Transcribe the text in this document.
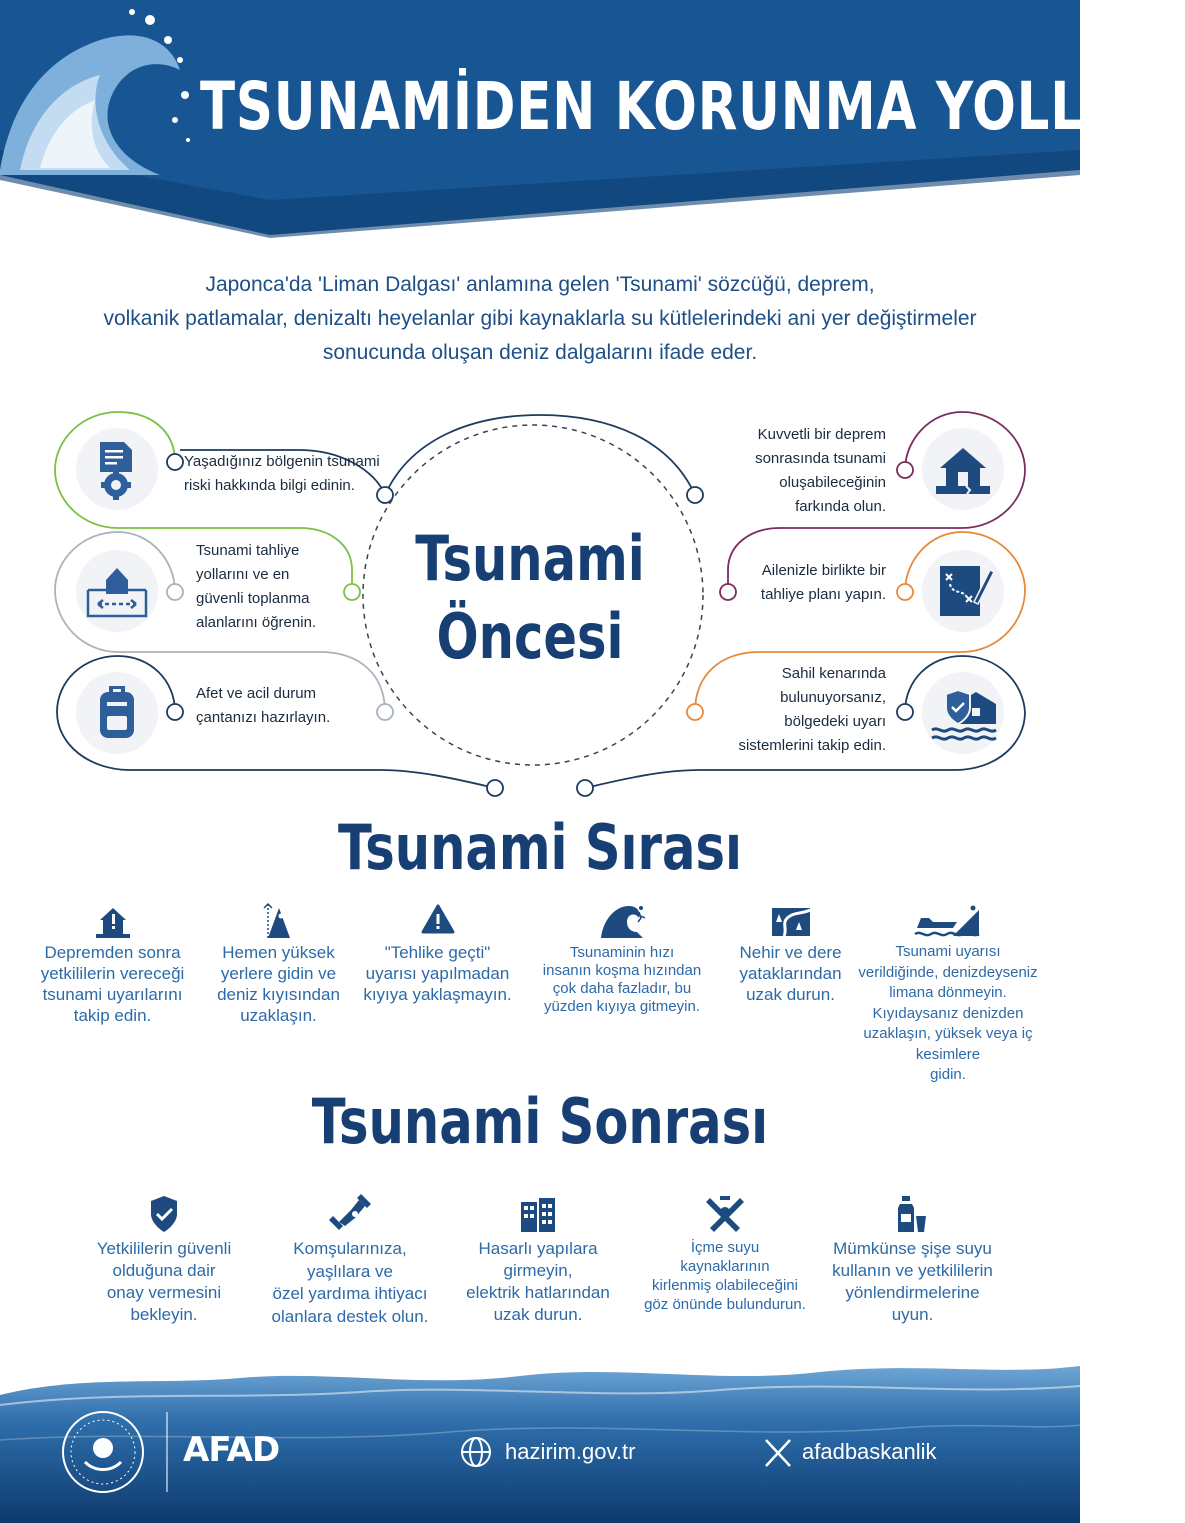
TSUNAMİDEN KORUNMA YOLLARI
Japonca'da 'Liman Dalgası' anlamına gelen 'Tsunami' sözcüğü, deprem,
volkanik patlamalar, denizaltı heyelanlar gibi kaynaklarla su kütlelerindeki ani yer değiştirmeler
sonucunda oluşan deniz dalgalarını ifade eder.
Tsunami
Öncesi
Yaşadığınız bölgenin tsunami
riski hakkında bilgi edinin.
Tsunami tahliye
yollarını ve en
güvenli toplanma
alanlarını öğrenin.
Afet ve acil durum
çantanızı hazırlayın.
Kuvvetli bir deprem
sonrasında tsunami
oluşabileceğinin
farkında olun.
Ailenizle birlikte bir
tahliye planı yapın.
Sahil kenarında
bulunuyorsanız,
bölgedeki uyarı
sistemlerini takip edin.
Tsunami Sırası
Depremden sonra
yetkililerin vereceği
tsunami uyarılarını
takip edin.
Hemen yüksek
yerlere gidin ve
deniz kıyısından
uzaklaşın.
"Tehlike geçti"
uyarısı yapılmadan
kıyıya yaklaşmayın.
Tsunaminin hızı
insanın koşma hızından
çok daha fazladır, bu
yüzden kıyıya gitmeyin.
Nehir ve dere
yataklarından
uzak durun.
Tsunami uyarısı
verildiğinde, denizdeyseniz
limana dönmeyin.
Kıyıdaysanız denizden
uzaklaşın, yüksek veya iç
kesimlere
gidin.
Tsunami Sonrası
Yetkililerin güvenli
olduğuna dair
onay vermesini
bekleyin.
Komşularınıza,
yaşlılara ve
özel yardıma ihtiyacı
olanlara destek olun.
Hasarlı yapılara
girmeyin,
elektrik hatlarından
uzak durun.
İçme suyu
kaynaklarının
kirlenmiş olabileceğini
göz önünde bulundurun.
Mümkünse şişe suyu
kullanın ve yetkililerin
yönlendirmelerine
uyun.
AFAD	hazirim.gov.tr	afadbaskanlik
